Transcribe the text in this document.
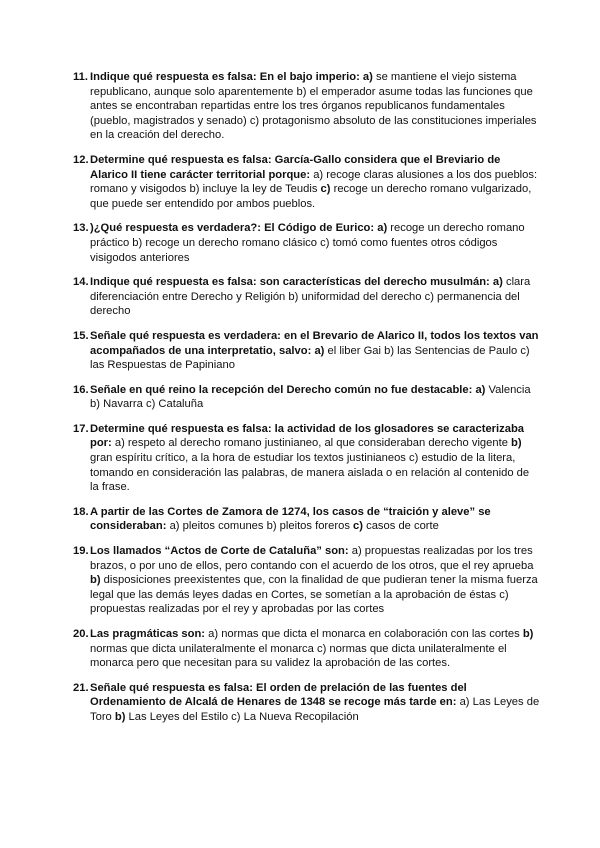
11 . Indique qué respuesta es falsa: En el bajo imperio: a) se mantiene el viejo sistema republicano, aunque solo aparentemente b) el emperador asume todas las funciones que antes se encontraban repartidas entre los tres órganos republicanos fundamentales (pueblo, magistrados y senado) c) protagonismo absoluto de las constituciones imperiales en la creación del derecho.
12 . Determine qué respuesta es falsa: García-Gallo considera que el Breviario de Alarico II tiene carácter territorial porque: a) recoge claras alusiones a los dos pueblos: romano y visigodos b) incluye la ley de Teudis c) recoge un derecho romano vulgarizado, que puede ser entendido por ambos pueblos.
13 . )¿Qué respuesta es verdadera?: El Código de Eurico: a) recoge un derecho romano práctico b) recoge un derecho romano clásico c) tomó como fuentes otros códigos visigodos anteriores
14 . Indique qué respuesta es falsa: son características del derecho musulmán: a) clara diferenciación entre Derecho y Religión b) uniformidad del derecho c) permanencia del derecho
15 . Señale qué respuesta es verdadera: en el Brevario de Alarico II, todos los textos van acompañados de una interpretatio, salvo: a) el liber Gai b) las Sentencias de Paulo c) las Respuestas de Papiniano
16 . Señale en qué reino la recepción del Derecho común no fue destacable: a) Valencia b) Navarra c) Cataluña
17 . Determine qué respuesta es falsa: la actividad de los glosadores se caracterizaba por: a) respeto al derecho romano justinianeo, al que consideraban derecho vigente b) gran espíritu crítico, a la hora de estudiar los textos justinianeos c) estudio de la litera, tomando en consideración las palabras, de manera aislada o en relación al contenido de la frase.
18 . A partir de las Cortes de Zamora de 1274, los casos de “traición y aleve” se consideraban: a) pleitos comunes b) pleitos foreros c) casos de corte
19 . Los llamados “Actos de Corte de Cataluña” son: a) propuestas realizadas por los tres brazos, o por uno de ellos, pero contando con el acuerdo de los otros, que el rey aprueba b) disposiciones preexistentes que, con la finalidad de que pudieran tener la misma fuerza legal que las demás leyes dadas en Cortes, se sometían a la aprobación de éstas c) propuestas realizadas por el rey y aprobadas por las cortes
20 . Las pragmáticas son: a) normas que dicta el monarca en colaboración con las cortes b) normas que dicta unilateralmente el monarca c) normas que dicta unilateralmente el monarca pero que necesitan para su validez la aprobación de las cortes.
21 . Señale qué respuesta es falsa: El orden de prelación de las fuentes del Ordenamiento de Alcalá de Henares de 1348 se recoge más tarde en: a) Las Leyes de Toro b) Las Leyes del Estilo c) La Nueva Recopilación
